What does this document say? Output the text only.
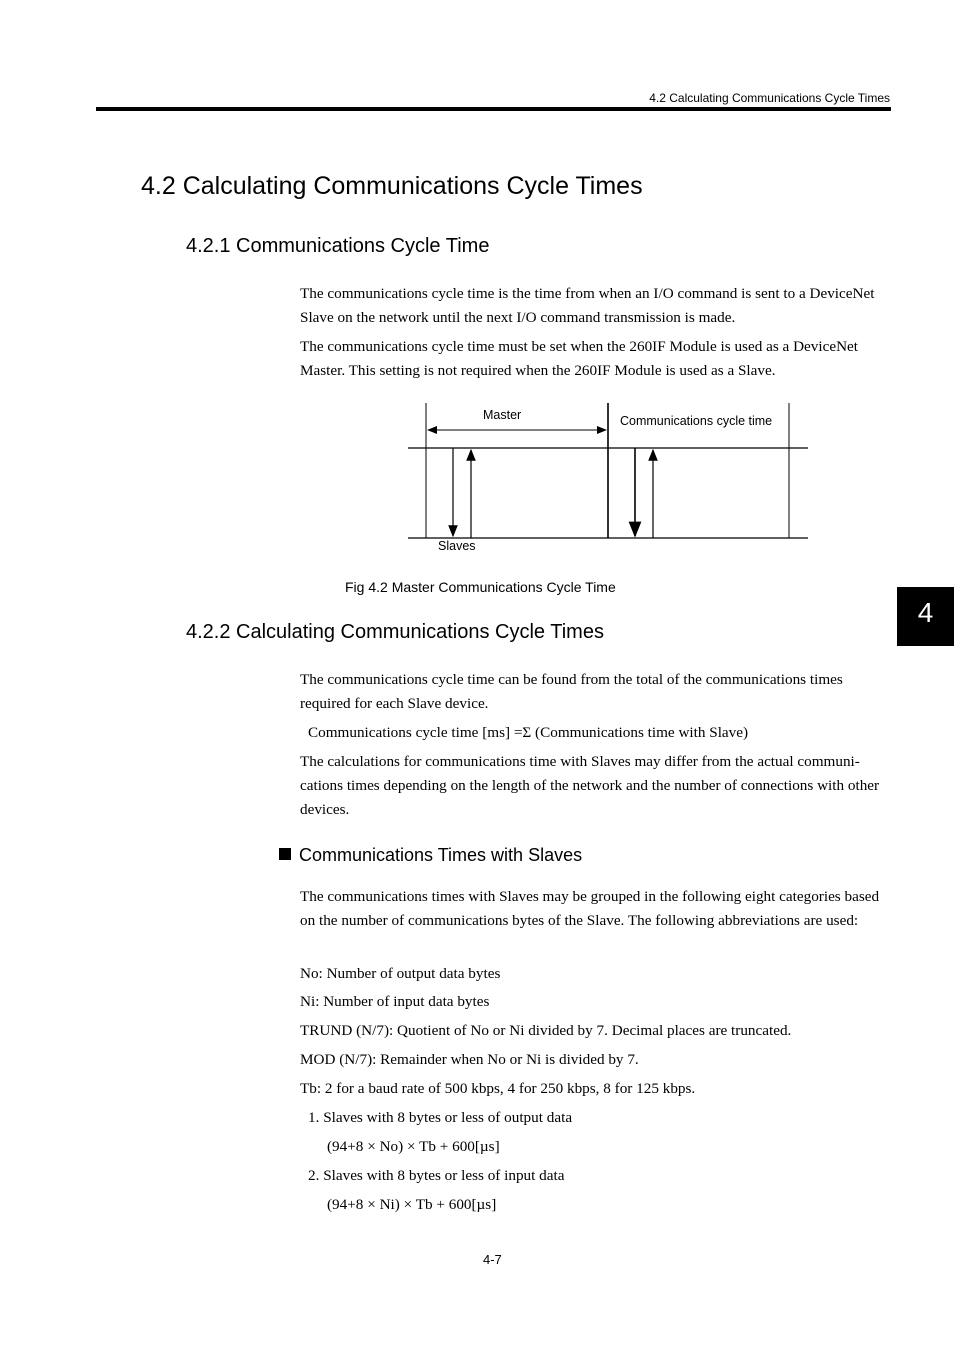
4.2 Calculating Communications Cycle Times
4.2 Calculating Communications Cycle Times
4.2.1 Communications Cycle Time

The communications cycle time is the time from when an I/O command is sent to a DeviceNet Slave on the network until the next I/O command transmission is made.

The communications cycle time must be set when the 260IF Module is used as a DeviceNet Master. This setting is not required when the 260IF Module is used as a Slave.

Master	Communications cycle time
Slaves
Fig 4.2 Master Communications Cycle Time
4
4.2.2 Calculating Communications Cycle Times

The communications cycle time can be found from the total of the communications times required for each Slave device.

Communications cycle time [ms] =Σ (Communications time with Slave)

The calculations for communications time with Slaves may differ from the actual communi- cations times depending on the length of the network and the number of connections with other devices.

Communications Times with Slaves

The communications times with Slaves may be grouped in the following eight categories based on the number of communications bytes of the Slave. The following abbreviations are used:

No: Number of output data bytes
Ni: Number of input data bytes
TRUND (N/7): Quotient of No or Ni divided by 7. Decimal places are truncated.
MOD (N/7): Remainder when No or Ni is divided by 7.
Tb: 2 for a baud rate of 500 kbps, 4 for 250 kbps, 8 for 125 kbps.
1. Slaves with 8 bytes or less of output data
(94+8 × No) × Tb + 600[µs]
2. Slaves with 8 bytes or less of input data
(94+8 × Ni) × Tb + 600[µs]
4-7
